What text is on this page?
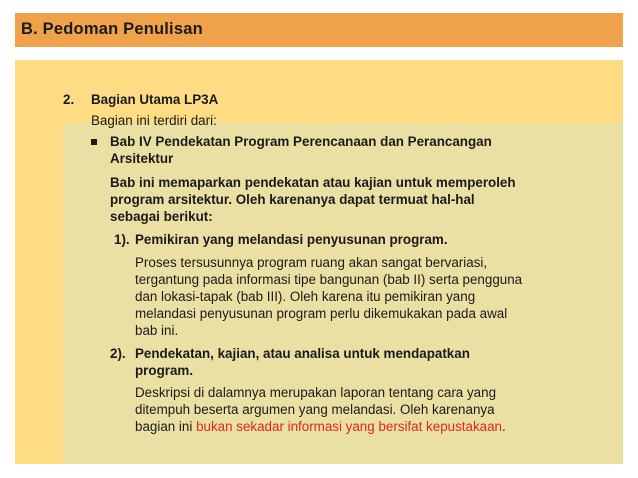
B. Pedoman Penulisan
2. Bagian Utama LP3A
Bagian ini terdiri dari:
Bab IV Pendekatan Program Perencanaan dan Perancangan
Arsitektur
Bab ini memaparkan pendekatan atau kajian untuk memperoleh
program arsitektur. Oleh karenanya dapat termuat hal-hal
sebagai berikut:
1). Pemikiran yang melandasi penyusunan program.
Proses tersusunnya program ruang akan sangat bervariasi,
tergantung pada informasi tipe bangunan (bab II) serta pengguna
dan lokasi-tapak (bab III). Oleh karena itu pemikiran yang
melandasi penyusunan program perlu dikemukakan pada awal
bab ini.
2). Pendekatan, kajian, atau analisa untuk mendapatkan
program.
Deskripsi di dalamnya merupakan laporan tentang cara yang
ditempuh beserta argumen yang melandasi. Oleh karenanya
bagian ini bukan sekadar informasi yang bersifat kepustakaan.
